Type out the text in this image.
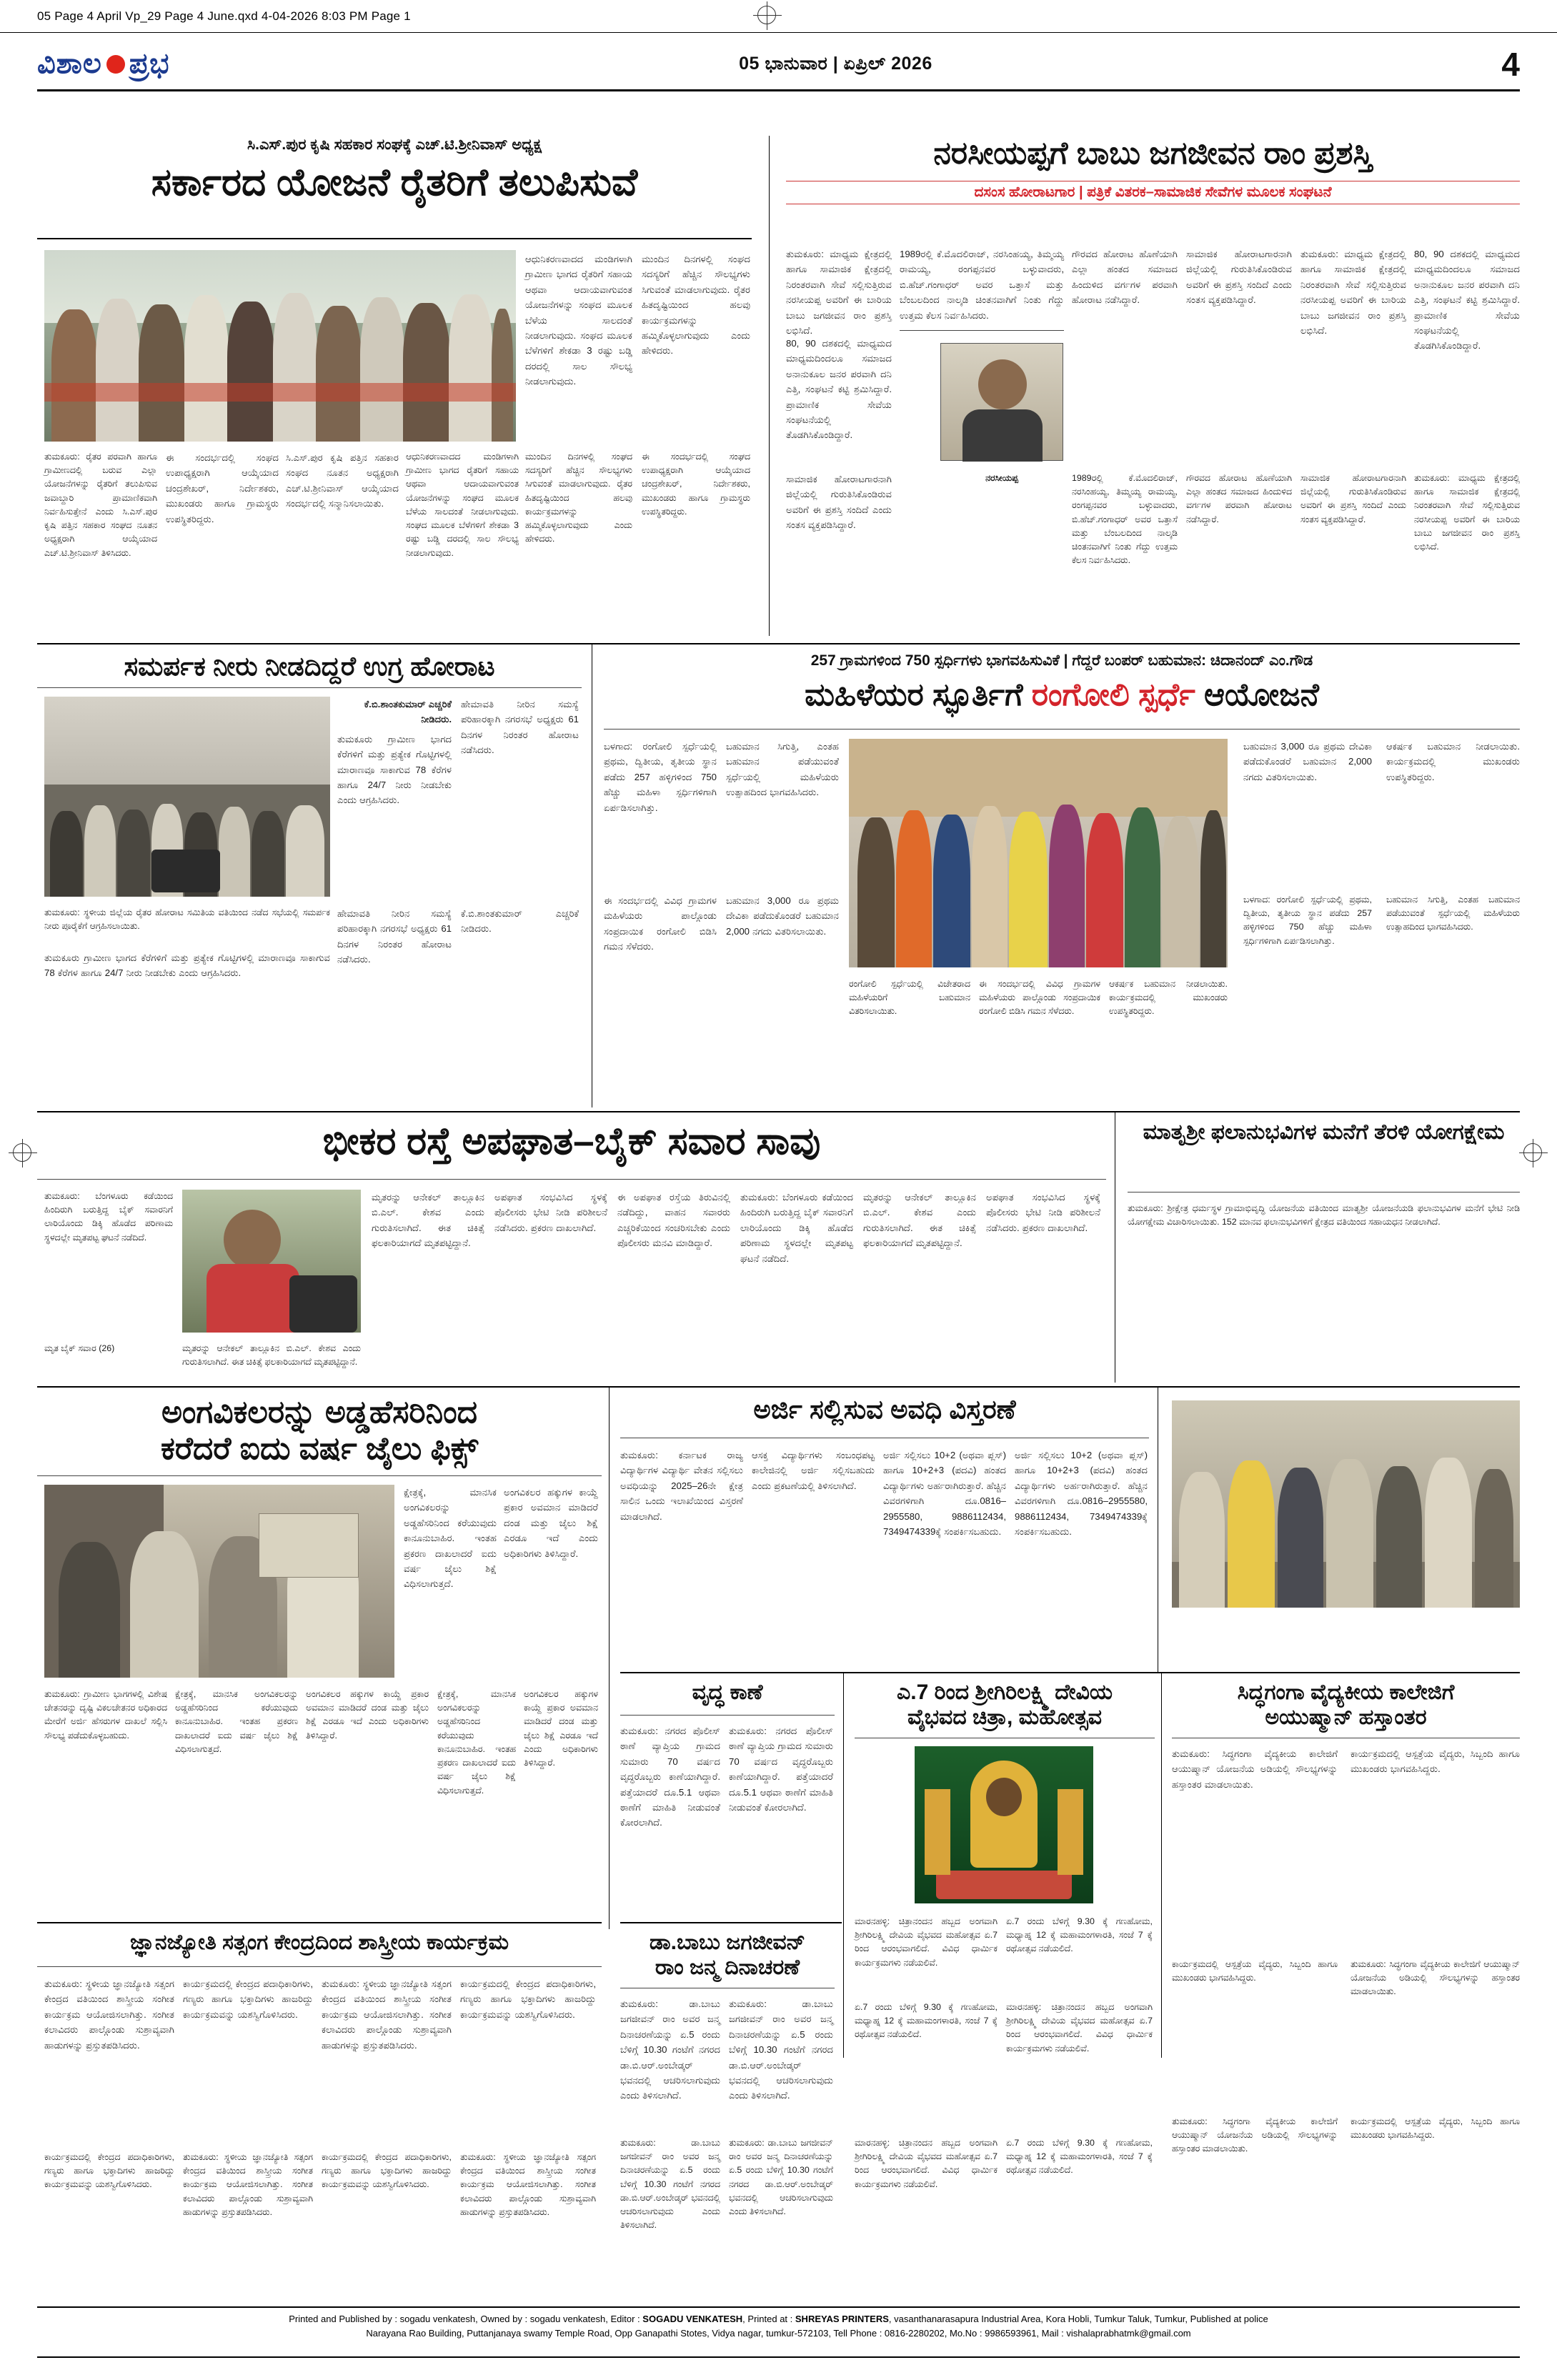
05 Page 4 April Vp_29 Page 4 June.qxd 4-04-2026 8:03 PM Page 1
ವಿಶಾಲ ಪ್ರಭ	05 ಭಾನುವಾರ | ಏಪ್ರಿಲ್ 2026	4
ಸಿ.ಎಸ್.ಪುರ ಕೃಷಿ ಸಹಕಾರ ಸಂಘಕ್ಕೆ ಎಚ್.ಟಿ.ಶ್ರೀನಿವಾಸ್ ಅಧ್ಯಕ್ಷ
ಸರ್ಕಾರದ ಯೋಜನೆ ರೈತರಿಗೆ ತಲುಪಿಸುವೆ
ತುಮಕೂರು: ರೈತರ ಪರವಾಗಿ ಹಾಗೂ ಗ್ರಾಮೀಣದಲ್ಲಿ ಬರುವ ಎಲ್ಲಾ ಯೋಜನೆಗಳನ್ನು ರೈತರಿಗೆ ತಲುಪಿಸುವ ಜವಾಬ್ದಾರಿ ಪ್ರಾಮಾಣಿಕವಾಗಿ ನಿರ್ವಹಿಸುತ್ತೇನೆ ಎಂದು ಸಿ.ಎಸ್.ಪುರ ಕೃಷಿ ಪತ್ತಿನ ಸಹಕಾರ ಸಂಘದ ನೂತನ ಅಧ್ಯಕ್ಷರಾಗಿ ಆಯ್ಕೆಯಾದ ಎಚ್.ಟಿ.ಶ್ರೀನಿವಾಸ್ ತಿಳಿಸಿದರು.
ಆಧುನಿಕರಣವಾದದ ಮಂಡಿಗಳಾಗಿ ಗ್ರಾಮೀಣ ಭಾಗದ ರೈತರಿಗೆ ಸಹಾಯ ಆಥವಾ ಆದಾಯವಾಗುವಂತ ಯೋಜನೆಗಳನ್ನು ಸಂಘದ ಮೂಲಕ ಬೆಳೆಯ ಸಾಲದಂತೆ ನೀಡಲಾಗುವುದು. ಸಂಘದ ಮೂಲಕ ಬೆಳೆಗಳಿಗೆ ಶೇಕಡಾ 3 ರಷ್ಟು ಬಡ್ಡಿ ದರದಲ್ಲಿ ಸಾಲ ಸೌಲಭ್ಯ ನೀಡಲಾಗುವುದು.
ಮುಂದಿನ ದಿನಗಳಲ್ಲಿ ಸಂಘದ ಸದಸ್ಯರಿಗೆ ಹೆಚ್ಚಿನ ಸೌಲಭ್ಯಗಳು ಸಿಗುವಂತೆ ಮಾಡಲಾಗುವುದು. ರೈತರ ಹಿತದೃಷ್ಟಿಯಿಂದ ಹಲವು ಕಾರ್ಯಕ್ರಮಗಳನ್ನು ಹಮ್ಮಿಕೊಳ್ಳಲಾಗುವುದು ಎಂದು ಹೇಳಿದರು.
ಈ ಸಂದರ್ಭದಲ್ಲಿ ಸಂಘದ ಉಪಾಧ್ಯಕ್ಷರಾಗಿ ಆಯ್ಕೆಯಾದ ಚಂದ್ರಶೇಖರ್, ನಿರ್ದೇಶಕರು, ಮುಖಂಡರು ಹಾಗೂ ಗ್ರಾಮಸ್ಥರು ಉಪಸ್ಥಿತರಿದ್ದರು.
ಸಿ.ಎಸ್.ಪುರ ಕೃಷಿ ಪತ್ತಿನ ಸಹಕಾರ ಸಂಘದ ನೂತನ ಅಧ್ಯಕ್ಷರಾಗಿ ಎಚ್.ಟಿ.ಶ್ರೀನಿವಾಸ್ ಆಯ್ಕೆಯಾದ ಸಂದರ್ಭದಲ್ಲಿ ಸನ್ಮಾನಿಸಲಾಯಿತು.
ಆಧುನಿಕರಣವಾದದ ಮಂಡಿಗಳಾಗಿ ಗ್ರಾಮೀಣ ಭಾಗದ ರೈತರಿಗೆ ಸಹಾಯ ಆಥವಾ ಆದಾಯವಾಗುವಂತ ಯೋಜನೆಗಳನ್ನು ಸಂಘದ ಮೂಲಕ ಬೆಳೆಯ ಸಾಲದಂತೆ ನೀಡಲಾಗುವುದು. ಸಂಘದ ಮೂಲಕ ಬೆಳೆಗಳಿಗೆ ಶೇಕಡಾ 3 ರಷ್ಟು ಬಡ್ಡಿ ದರದಲ್ಲಿ ಸಾಲ ಸೌಲಭ್ಯ ನೀಡಲಾಗುವುದು.
ಮುಂದಿನ ದಿನಗಳಲ್ಲಿ ಸಂಘದ ಸದಸ್ಯರಿಗೆ ಹೆಚ್ಚಿನ ಸೌಲಭ್ಯಗಳು ಸಿಗುವಂತೆ ಮಾಡಲಾಗುವುದು. ರೈತರ ಹಿತದೃಷ್ಟಿಯಿಂದ ಹಲವು ಕಾರ್ಯಕ್ರಮಗಳನ್ನು ಹಮ್ಮಿಕೊಳ್ಳಲಾಗುವುದು ಎಂದು ಹೇಳಿದರು.
ಈ ಸಂದರ್ಭದಲ್ಲಿ ಸಂಘದ ಉಪಾಧ್ಯಕ್ಷರಾಗಿ ಆಯ್ಕೆಯಾದ ಚಂದ್ರಶೇಖರ್, ನಿರ್ದೇಶಕರು, ಮುಖಂಡರು ಹಾಗೂ ಗ್ರಾಮಸ್ಥರು ಉಪಸ್ಥಿತರಿದ್ದರು.
ನರಸೀಯಪ್ಪಗೆ ಬಾಬು ಜಗಜೀವನ ರಾಂ ಪ್ರಶಸ್ತಿ
ದಸಂಸ ಹೋರಾಟಗಾರ | ಪತ್ರಿಕೆ ವಿತರಕ–ಸಾಮಾಜಿಕ ಸೇವೆಗಳ ಮೂಲಕ ಸಂಘಟನೆ
ತುಮಕೂರು: ಮಾಧ್ಯಮ ಕ್ಷೇತ್ರದಲ್ಲಿ ಹಾಗೂ ಸಾಮಾಜಿಕ ಕ್ಷೇತ್ರದಲ್ಲಿ ನಿರಂತರವಾಗಿ ಸೇವೆ ಸಲ್ಲಿಸುತ್ತಿರುವ ನರಸೀಯಪ್ಪ ಅವರಿಗೆ ಈ ಬಾರಿಯ ಬಾಬು ಜಗಜೀವನ ರಾಂ ಪ್ರಶಸ್ತಿ ಲಭಿಸಿದೆ.
80, 90 ದಶಕದಲ್ಲಿ ಮಾಧ್ಯಮದ ಮಾಧ್ಯಮದಿಂದಲೂ ಸಮಾಜದ ಅನಾನುಕೂಲ ಜನರ ಪರವಾಗಿ ದನಿ ಎತ್ತಿ, ಸಂಘಟನೆ ಕಟ್ಟಿ ಶ್ರಮಿಸಿದ್ದಾರೆ. ಪ್ರಾಮಾಣಿಕ ಸೇವೆಯ ಸಂಘಟನೆಯಲ್ಲಿ ತೊಡಗಿಸಿಕೊಂಡಿದ್ದಾರೆ.
1989ರಲ್ಲಿ ಕೆ.ಮೊದಲಿರಾಜ್, ನರಸಿಂಹಯ್ಯ, ತಿಮ್ಮಯ್ಯ ರಾಮಯ್ಯ, ರಂಗಪ್ಪನವರ ಬಳ್ಳುವಾದರು, ಬಿ.ಹೆಚ್.ಗಂಗಾಧರ್ ಅವರ ಒತ್ತಾಸೆ ಮತ್ತು ಬೆಂಬಲದಿಂದ ನಾಲ್ಕಡಿ ಚಿಂತನವಾಗಿಗೆ ನಿಂತು ಗೆದ್ದು ಉತ್ತಮ ಕೆಲಸ ನಿರ್ವಹಿಸಿದರು.
ಗೌರವದ ಹೋರಾಟ ಹೊಣೆಯಾಗಿ ಎಲ್ಲಾ ಹಂತದ ಸಮಾಜದ ಹಿಂದುಳಿದ ವರ್ಗಗಳ ಪರವಾಗಿ ಹೋರಾಟ ನಡೆಸಿದ್ದಾರೆ.
ಸಾಮಾಜಿಕ ಹೋರಾಟಗಾರನಾಗಿ ಜಿಲ್ಲೆಯಲ್ಲಿ ಗುರುತಿಸಿಕೊಂಡಿರುವ ಅವರಿಗೆ ಈ ಪ್ರಶಸ್ತಿ ಸಂದಿದೆ ಎಂದು ಸಂತಸ ವ್ಯಕ್ತಪಡಿಸಿದ್ದಾರೆ.
ತುಮಕೂರು: ಮಾಧ್ಯಮ ಕ್ಷೇತ್ರದಲ್ಲಿ ಹಾಗೂ ಸಾಮಾಜಿಕ ಕ್ಷೇತ್ರದಲ್ಲಿ ನಿರಂತರವಾಗಿ ಸೇವೆ ಸಲ್ಲಿಸುತ್ತಿರುವ ನರಸೀಯಪ್ಪ ಅವರಿಗೆ ಈ ಬಾರಿಯ ಬಾಬು ಜಗಜೀವನ ರಾಂ ಪ್ರಶಸ್ತಿ ಲಭಿಸಿದೆ.
80, 90 ದಶಕದಲ್ಲಿ ಮಾಧ್ಯಮದ ಮಾಧ್ಯಮದಿಂದಲೂ ಸಮಾಜದ ಅನಾನುಕೂಲ ಜನರ ಪರವಾಗಿ ದನಿ ಎತ್ತಿ, ಸಂಘಟನೆ ಕಟ್ಟಿ ಶ್ರಮಿಸಿದ್ದಾರೆ. ಪ್ರಾಮಾಣಿಕ ಸೇವೆಯ ಸಂಘಟನೆಯಲ್ಲಿ ತೊಡಗಿಸಿಕೊಂಡಿದ್ದಾರೆ.
ನರಸೀಯಪ್ಪ
ಸಾಮಾಜಿಕ ಹೋರಾಟಗಾರನಾಗಿ ಜಿಲ್ಲೆಯಲ್ಲಿ ಗುರುತಿಸಿಕೊಂಡಿರುವ ಅವರಿಗೆ ಈ ಪ್ರಶಸ್ತಿ ಸಂದಿದೆ ಎಂದು ಸಂತಸ ವ್ಯಕ್ತಪಡಿಸಿದ್ದಾರೆ.
1989ರಲ್ಲಿ ಕೆ.ಮೊದಲಿರಾಜ್, ನರಸಿಂಹಯ್ಯ, ತಿಮ್ಮಯ್ಯ ರಾಮಯ್ಯ, ರಂಗಪ್ಪನವರ ಬಳ್ಳುವಾದರು, ಬಿ.ಹೆಚ್.ಗಂಗಾಧರ್ ಅವರ ಒತ್ತಾಸೆ ಮತ್ತು ಬೆಂಬಲದಿಂದ ನಾಲ್ಕಡಿ ಚಿಂತನವಾಗಿಗೆ ನಿಂತು ಗೆದ್ದು ಉತ್ತಮ ಕೆಲಸ ನಿರ್ವಹಿಸಿದರು.
ಗೌರವದ ಹೋರಾಟ ಹೊಣೆಯಾಗಿ ಎಲ್ಲಾ ಹಂತದ ಸಮಾಜದ ಹಿಂದುಳಿದ ವರ್ಗಗಳ ಪರವಾಗಿ ಹೋರಾಟ ನಡೆಸಿದ್ದಾರೆ.
ಸಾಮಾಜಿಕ ಹೋರಾಟಗಾರನಾಗಿ ಜಿಲ್ಲೆಯಲ್ಲಿ ಗುರುತಿಸಿಕೊಂಡಿರುವ ಅವರಿಗೆ ಈ ಪ್ರಶಸ್ತಿ ಸಂದಿದೆ ಎಂದು ಸಂತಸ ವ್ಯಕ್ತಪಡಿಸಿದ್ದಾರೆ.
ತುಮಕೂರು: ಮಾಧ್ಯಮ ಕ್ಷೇತ್ರದಲ್ಲಿ ಹಾಗೂ ಸಾಮಾಜಿಕ ಕ್ಷೇತ್ರದಲ್ಲಿ ನಿರಂತರವಾಗಿ ಸೇವೆ ಸಲ್ಲಿಸುತ್ತಿರುವ ನರಸೀಯಪ್ಪ ಅವರಿಗೆ ಈ ಬಾರಿಯ ಬಾಬು ಜಗಜೀವನ ರಾಂ ಪ್ರಶಸ್ತಿ ಲಭಿಸಿದೆ.
ಸಮರ್ಪಕ ನೀರು ನೀಡದಿದ್ದರೆ ಉಗ್ರ ಹೋರಾಟ
ಕೆ.ಬಿ.ಶಾಂತಕುಮಾರ್ ಎಚ್ಚರಿಕೆ ನೀಡಿದರು.
ತುಮಕೂರು ಗ್ರಾಮೀಣ ಭಾಗದ ಕೆರೆಗಳಿಗೆ ಮತ್ತು ಪ್ರತ್ಯೇಕ ಗೊಟ್ಟಿಗಳಲ್ಲಿ ಮಾರಾಣವೂ ಸಾಕಾಗುವ 78 ಕೆರೆಗಳ ಹಾಗೂ 24/7 ನೀರು ನೀಡಬೇಕು ಎಂದು ಆಗ್ರಹಿಸಿದರು.
ಹೇಮಾವತಿ ನೀರಿನ ಸಮಸ್ಯೆ ಪರಿಹಾರಕ್ಕಾಗಿ ನಗರಸಭೆ ಅಧ್ಯಕ್ಷರು 61 ದಿನಗಳ ನಿರಂತರ ಹೋರಾಟ ನಡೆಸಿದರು.
ತುಮಕೂರು: ಸ್ಥಳೀಯ ಜಿಲ್ಲೆಯ ರೈತರ ಹೋರಾಟ ಸಮಿತಿಯ ವತಿಯಿಂದ ನಡೆದ ಸಭೆಯಲ್ಲಿ ಸಮರ್ಪಕ ನೀರು ಪೂರೈಕೆಗೆ ಆಗ್ರಹಿಸಲಾಯಿತು.
ತುಮಕೂರು ಗ್ರಾಮೀಣ ಭಾಗದ ಕೆರೆಗಳಿಗೆ ಮತ್ತು ಪ್ರತ್ಯೇಕ ಗೊಟ್ಟಿಗಳಲ್ಲಿ ಮಾರಾಣವೂ ಸಾಕಾಗುವ 78 ಕೆರೆಗಳ ಹಾಗೂ 24/7 ನೀರು ನೀಡಬೇಕು ಎಂದು ಆಗ್ರಹಿಸಿದರು.
ಹೇಮಾವತಿ ನೀರಿನ ಸಮಸ್ಯೆ ಪರಿಹಾರಕ್ಕಾಗಿ ನಗರಸಭೆ ಅಧ್ಯಕ್ಷರು 61 ದಿನಗಳ ನಿರಂತರ ಹೋರಾಟ ನಡೆಸಿದರು.
ಕೆ.ಬಿ.ಶಾಂತಕುಮಾರ್ ಎಚ್ಚರಿಕೆ ನೀಡಿದರು.
257 ಗ್ರಾಮಗಳಿಂದ 750 ಸ್ಪರ್ಧಿಗಳು ಭಾಗವಹಿಸುವಿಕೆ | ಗೆದ್ದರೆ ಬಂಪರ್ ಬಹುಮಾನ: ಚಿದಾನಂದ್ ಎಂ.ಗೌಡ
ಮಹಿಳೆಯರ ಸ್ಫೂರ್ತಿಗೆ ರಂಗೋಲಿ ಸ್ಪರ್ಧೆ ಆಯೋಜನೆ
ಬಳಗಾದ: ರಂಗೋಲಿ ಸ್ಪರ್ಧೆಯಲ್ಲಿ ಪ್ರಥಮ, ದ್ವಿತೀಯ, ತೃತೀಯ ಸ್ಥಾನ ಪಡೆದು 257 ಹಳ್ಳಿಗಳಿಂದ 750 ಹೆಚ್ಚು ಮಹಿಳಾ ಸ್ಪರ್ಧಿಗಳಿಗಾಗಿ ಏರ್ಪಡಿಸಲಾಗಿತ್ತು.
ಬಹುಮಾನ ಸಿಗುತ್ತಿ, ಎಂತಹ ಬಹುಮಾನ ಪಡೆಯುವಂತೆ ಸ್ಪರ್ಧೆಯಲ್ಲಿ ಮಹಿಳೆಯರು ಉತ್ಸಾಹದಿಂದ ಭಾಗವಹಿಸಿದರು.
ರಂಗೋಲಿ ಸ್ಪರ್ಧೆಯಲ್ಲಿ ವಿಜೇತರಾದ ಮಹಿಳೆಯರಿಗೆ ಬಹುಮಾನ ವಿತರಿಸಲಾಯಿತು.
ಈ ಸಂದರ್ಭದಲ್ಲಿ ವಿವಿಧ ಗ್ರಾಮಗಳ ಮಹಿಳೆಯರು ಪಾಲ್ಗೊಂಡು ಸಂಪ್ರದಾಯಿಕ ರಂಗೋಲಿ ಬಿಡಿಸಿ ಗಮನ ಸೆಳೆದರು.
ಆಕರ್ಷಕ ಬಹುಮಾನ ನೀಡಲಾಯಿತು. ಕಾರ್ಯಕ್ರಮದಲ್ಲಿ ಮುಖಂಡರು ಉಪಸ್ಥಿತರಿದ್ದರು.
ಈ ಸಂದರ್ಭದಲ್ಲಿ ವಿವಿಧ ಗ್ರಾಮಗಳ ಮಹಿಳೆಯರು ಪಾಲ್ಗೊಂಡು ಸಂಪ್ರದಾಯಿಕ ರಂಗೋಲಿ ಬಿಡಿಸಿ ಗಮನ ಸೆಳೆದರು.
ಬಹುಮಾನ 3,000 ರೂ ಪ್ರಥಮ ದೇವಿಕಾ ಪಡೆದುಕೊಂಡರೆ ಬಹುಮಾನ 2,000 ನಗದು ವಿತರಿಸಲಾಯಿತು.
ಬಹುಮಾನ 3,000 ರೂ ಪ್ರಥಮ ದೇವಿಕಾ ಪಡೆದುಕೊಂಡರೆ ಬಹುಮಾನ 2,000 ನಗದು ವಿತರಿಸಲಾಯಿತು.
ಆಕರ್ಷಕ ಬಹುಮಾನ ನೀಡಲಾಯಿತು. ಕಾರ್ಯಕ್ರಮದಲ್ಲಿ ಮುಖಂಡರು ಉಪಸ್ಥಿತರಿದ್ದರು.
ಬಳಗಾದ: ರಂಗೋಲಿ ಸ್ಪರ್ಧೆಯಲ್ಲಿ ಪ್ರಥಮ, ದ್ವಿತೀಯ, ತೃತೀಯ ಸ್ಥಾನ ಪಡೆದು 257 ಹಳ್ಳಿಗಳಿಂದ 750 ಹೆಚ್ಚು ಮಹಿಳಾ ಸ್ಪರ್ಧಿಗಳಿಗಾಗಿ ಏರ್ಪಡಿಸಲಾಗಿತ್ತು.
ಬಹುಮಾನ ಸಿಗುತ್ತಿ, ಎಂತಹ ಬಹುಮಾನ ಪಡೆಯುವಂತೆ ಸ್ಪರ್ಧೆಯಲ್ಲಿ ಮಹಿಳೆಯರು ಉತ್ಸಾಹದಿಂದ ಭಾಗವಹಿಸಿದರು.
ಭೀಕರ ರಸ್ತೆ ಅಪಘಾತ–ಬೈಕ್ ಸವಾರ ಸಾವು
ತುಮಕೂರು: ಬೆಂಗಳೂರು ಕಡೆಯಿಂದ ಹಿಂದಿರುಗಿ ಬರುತ್ತಿದ್ದ ಬೈಕ್ ಸವಾರನಿಗೆ ಲಾರಿಯೊಂದು ಡಿಕ್ಕಿ ಹೊಡೆದ ಪರಿಣಾಮ ಸ್ಥಳದಲ್ಲೇ ಮೃತಪಟ್ಟ ಘಟನೆ ನಡೆದಿದೆ.
ಮೃತ ಬೈಕ್ ಸವಾರ (26)	ಮೃತರನ್ನು ಆನೇಕಲ್ ತಾಲ್ಲೂಕಿನ ಬಿ.ಎಲ್. ಕೇಶವ ಎಂದು ಗುರುತಿಸಲಾಗಿದೆ. ಈತ ಚಿಕಿತ್ಸೆ ಫಲಕಾರಿಯಾಗದೆ ಮೃತಪಟ್ಟಿದ್ದಾನೆ.
ಮೃತರನ್ನು ಆನೇಕಲ್ ತಾಲ್ಲೂಕಿನ ಬಿ.ಎಲ್. ಕೇಶವ ಎಂದು ಗುರುತಿಸಲಾಗಿದೆ. ಈತ ಚಿಕಿತ್ಸೆ ಫಲಕಾರಿಯಾಗದೆ ಮೃತಪಟ್ಟಿದ್ದಾನೆ.
ಅಪಘಾತ ಸಂಭವಿಸಿದ ಸ್ಥಳಕ್ಕೆ ಪೊಲೀಸರು ಭೇಟಿ ನೀಡಿ ಪರಿಶೀಲನೆ ನಡೆಸಿದರು. ಪ್ರಕರಣ ದಾಖಲಾಗಿದೆ.
ಈ ಅಪಘಾತ ರಸ್ತೆಯ ತಿರುವಿನಲ್ಲಿ ನಡೆದಿದ್ದು, ವಾಹನ ಸವಾರರು ಎಚ್ಚರಿಕೆಯಿಂದ ಸಂಚರಿಸಬೇಕು ಎಂದು ಪೊಲೀಸರು ಮನವಿ ಮಾಡಿದ್ದಾರೆ.
ತುಮಕೂರು: ಬೆಂಗಳೂರು ಕಡೆಯಿಂದ ಹಿಂದಿರುಗಿ ಬರುತ್ತಿದ್ದ ಬೈಕ್ ಸವಾರನಿಗೆ ಲಾರಿಯೊಂದು ಡಿಕ್ಕಿ ಹೊಡೆದ ಪರಿಣಾಮ ಸ್ಥಳದಲ್ಲೇ ಮೃತಪಟ್ಟ ಘಟನೆ ನಡೆದಿದೆ.
ಮೃತರನ್ನು ಆನೇಕಲ್ ತಾಲ್ಲೂಕಿನ ಬಿ.ಎಲ್. ಕೇಶವ ಎಂದು ಗುರುತಿಸಲಾಗಿದೆ. ಈತ ಚಿಕಿತ್ಸೆ ಫಲಕಾರಿಯಾಗದೆ ಮೃತಪಟ್ಟಿದ್ದಾನೆ.
ಅಪಘಾತ ಸಂಭವಿಸಿದ ಸ್ಥಳಕ್ಕೆ ಪೊಲೀಸರು ಭೇಟಿ ನೀಡಿ ಪರಿಶೀಲನೆ ನಡೆಸಿದರು. ಪ್ರಕರಣ ದಾಖಲಾಗಿದೆ.
ಮಾತೃಶ್ರೀ ಫಲಾನುಭವಿಗಳ ಮನೆಗೆ ತೆರಳಿ ಯೋಗಕ್ಷೇಮ
ತುಮಕೂರು: ಶ್ರೀಕ್ಷೇತ್ರ ಧರ್ಮಸ್ಥಳ ಗ್ರಾಮಾಭಿವೃದ್ಧಿ ಯೋಜನೆಯ ವತಿಯಿಂದ ಮಾತೃಶ್ರೀ ಯೋಜನೆಯಡಿ ಫಲಾನುಭವಿಗಳ ಮನೆಗೆ ಭೇಟಿ ನೀಡಿ ಯೋಗಕ್ಷೇಮ ವಿಚಾರಿಸಲಾಯಿತು. 152 ಮಾನವ ಫಲಾನುಭವಿಗಳಿಗೆ ಕ್ಷೇತ್ರದ ವತಿಯಿಂದ ಸಹಾಯಧನ ನೀಡಲಾಗಿದೆ.
ಅಂಗವಿಕಲರನ್ನು ಅಡ್ಡಹೆಸರಿನಿಂದ
ಕರೆದರೆ ಐದು ವರ್ಷ ಜೈಲು ಫಿಕ್ಸ್
ಕ್ಷೇತ್ರಕ್ಕೆ, ಮಾನಸಿಕ ಅಂಗವಿಕಲರನ್ನು ಅಡ್ಡಹೆಸರಿನಿಂದ ಕರೆಯುವುದು ಕಾನೂನುಬಾಹಿರ. ಇಂತಹ ಪ್ರಕರಣ ದಾಖಲಾದರೆ ಐದು ವರ್ಷ ಜೈಲು ಶಿಕ್ಷೆ ವಿಧಿಸಲಾಗುತ್ತದೆ.
ಅಂಗವಿಕಲರ ಹಕ್ಕುಗಳ ಕಾಯ್ದೆ ಪ್ರಕಾರ ಅವಮಾನ ಮಾಡಿದರೆ ದಂಡ ಮತ್ತು ಜೈಲು ಶಿಕ್ಷೆ ಎರಡೂ ಇದೆ ಎಂದು ಅಧಿಕಾರಿಗಳು ತಿಳಿಸಿದ್ದಾರೆ.
ತುಮಕೂರು: ಗ್ರಾಮೀಣ ಭಾಗಗಳಲ್ಲಿ ವಿಶೇಷ ಚೇತನರನ್ನು ದೃಷ್ಟಿ ವಿಕಲಚೇತನರ ಅಧಿಕಾರದ ಮೇರೆಗೆ ಅರ್ಜಿ ಹೆಸರುಗಳ ದಾಖಲೆ ಸಲ್ಲಿಸಿ ಸೌಲಭ್ಯ ಪಡೆದುಕೊಳ್ಳಬಹುದು.
ಕ್ಷೇತ್ರಕ್ಕೆ, ಮಾನಸಿಕ ಅಂಗವಿಕಲರನ್ನು ಅಡ್ಡಹೆಸರಿನಿಂದ ಕರೆಯುವುದು ಕಾನೂನುಬಾಹಿರ. ಇಂತಹ ಪ್ರಕರಣ ದಾಖಲಾದರೆ ಐದು ವರ್ಷ ಜೈಲು ಶಿಕ್ಷೆ ವಿಧಿಸಲಾಗುತ್ತದೆ.
ಅಂಗವಿಕಲರ ಹಕ್ಕುಗಳ ಕಾಯ್ದೆ ಪ್ರಕಾರ ಅವಮಾನ ಮಾಡಿದರೆ ದಂಡ ಮತ್ತು ಜೈಲು ಶಿಕ್ಷೆ ಎರಡೂ ಇದೆ ಎಂದು ಅಧಿಕಾರಿಗಳು ತಿಳಿಸಿದ್ದಾರೆ.
ಕ್ಷೇತ್ರಕ್ಕೆ, ಮಾನಸಿಕ ಅಂಗವಿಕಲರನ್ನು ಅಡ್ಡಹೆಸರಿನಿಂದ ಕರೆಯುವುದು ಕಾನೂನುಬಾಹಿರ. ಇಂತಹ ಪ್ರಕರಣ ದಾಖಲಾದರೆ ಐದು ವರ್ಷ ಜೈಲು ಶಿಕ್ಷೆ ವಿಧಿಸಲಾಗುತ್ತದೆ.
ಅಂಗವಿಕಲರ ಹಕ್ಕುಗಳ ಕಾಯ್ದೆ ಪ್ರಕಾರ ಅವಮಾನ ಮಾಡಿದರೆ ದಂಡ ಮತ್ತು ಜೈಲು ಶಿಕ್ಷೆ ಎರಡೂ ಇದೆ ಎಂದು ಅಧಿಕಾರಿಗಳು ತಿಳಿಸಿದ್ದಾರೆ.
ಅರ್ಜಿ ಸಲ್ಲಿಸುವ ಅವಧಿ ವಿಸ್ತರಣೆ
ತುಮಕೂರು: ಕರ್ನಾಟಕ ರಾಜ್ಯ ವಿದ್ಯಾರ್ಥಿಗಳ ವಿದ್ಯಾರ್ಥಿ ವೇತನ ಸಲ್ಲಿಸಲು ಅವಧಿಯನ್ನು 2025–26ನೇ ಕ್ಷೇತ್ರ ಸಾಲಿನ ಒಂದು ಇಲಾಖೆಯಿಂದ ವಿಸ್ತರಣೆ ಮಾಡಲಾಗಿದೆ.
ಆಸಕ್ತ ವಿದ್ಯಾರ್ಥಿಗಳು ಸಂಬಂಧಪಟ್ಟ ಕಾಲೇಜಿನಲ್ಲಿ ಅರ್ಜಿ ಸಲ್ಲಿಸಬಹುದು ಎಂದು ಪ್ರಕಟಣೆಯಲ್ಲಿ ತಿಳಿಸಲಾಗಿದೆ.
ಅರ್ಜಿ ಸಲ್ಲಿಸಲು 10+2 (ಅಥವಾ ಪ್ಲಸ್) ಹಾಗೂ 10+2+3 (ಪದವಿ) ಹಂತದ ವಿದ್ಯಾರ್ಥಿಗಳು ಅರ್ಹರಾಗಿರುತ್ತಾರೆ. ಹೆಚ್ಚಿನ ವಿವರಗಳಿಗಾಗಿ ದೂ.0816–2955580, 9886112434, 7349474339ಕ್ಕೆ ಸಂಪರ್ಕಿಸಬಹುದು.
ಅರ್ಜಿ ಸಲ್ಲಿಸಲು 10+2 (ಅಥವಾ ಪ್ಲಸ್) ಹಾಗೂ 10+2+3 (ಪದವಿ) ಹಂತದ ವಿದ್ಯಾರ್ಥಿಗಳು ಅರ್ಹರಾಗಿರುತ್ತಾರೆ. ಹೆಚ್ಚಿನ ವಿವರಗಳಿಗಾಗಿ ದೂ.0816–2955580, 9886112434, 7349474339ಕ್ಕೆ ಸಂಪರ್ಕಿಸಬಹುದು.
ವೃದ್ಧ ಕಾಣೆ
ತುಮಕೂರು: ನಗರದ ಪೊಲೀಸ್ ಠಾಣೆ ವ್ಯಾಪ್ತಿಯ ಗ್ರಾಮದ ಸುಮಾರು 70 ವರ್ಷದ ವೃದ್ಧರೊಬ್ಬರು ಕಾಣೆಯಾಗಿದ್ದಾರೆ. ಪತ್ತೆಯಾದರೆ ದೂ.5.1 ಆಥವಾ ಠಾಣೆಗೆ ಮಾಹಿತಿ ನೀಡುವಂತೆ ಕೋರಲಾಗಿದೆ.
ತುಮಕೂರು: ನಗರದ ಪೊಲೀಸ್ ಠಾಣೆ ವ್ಯಾಪ್ತಿಯ ಗ್ರಾಮದ ಸುಮಾರು 70 ವರ್ಷದ ವೃದ್ಧರೊಬ್ಬರು ಕಾಣೆಯಾಗಿದ್ದಾರೆ. ಪತ್ತೆಯಾದರೆ ದೂ.5.1 ಆಥವಾ ಠಾಣೆಗೆ ಮಾಹಿತಿ ನೀಡುವಂತೆ ಕೋರಲಾಗಿದೆ.
ಎ.7 ರಿಂದ ಶ್ರೀಗಿರಿಲಕ್ಷ್ಮಿ ದೇವಿಯ
ವೈಭವದ ಚಿತ್ರಾ, ಮಹೋತ್ಸವ
ಮಾರನಹಳ್ಳಿ: ಚಿತ್ರಾನಂದನ ಹಬ್ಬದ ಅಂಗವಾಗಿ ಶ್ರೀಗಿರಿಲಕ್ಷ್ಮಿ ದೇವಿಯ ವೈಭವದ ಮಹೋತ್ಸವ ಏ.7 ರಿಂದ ಆರಂಭವಾಗಲಿದೆ. ವಿವಿಧ ಧಾರ್ಮಿಕ ಕಾರ್ಯಕ್ರಮಗಳು ನಡೆಯಲಿವೆ.
ಏ.7 ರಂದು ಬೆಳಿಗ್ಗೆ 9.30 ಕ್ಕೆ ಗಣಹೋಮ, ಮಧ್ಯಾಹ್ನ 12 ಕ್ಕೆ ಮಹಾಮಂಗಳಾರತಿ, ಸಂಜೆ 7 ಕ್ಕೆ ರಥೋತ್ಸವ ನಡೆಯಲಿದೆ.
ಸಿದ್ಧಗಂಗಾ ವೈದ್ಯಕೀಯ ಕಾಲೇಜಿಗೆ
ಅಯುಷ್ಮಾನ್ ಹಸ್ತಾಂತರ
ತುಮಕೂರು: ಸಿದ್ಧಗಂಗಾ ವೈದ್ಯಕೀಯ ಕಾಲೇಜಿಗೆ ಆಯುಷ್ಮಾನ್ ಯೋಜನೆಯ ಅಡಿಯಲ್ಲಿ ಸೌಲಭ್ಯಗಳನ್ನು ಹಸ್ತಾಂತರ ಮಾಡಲಾಯಿತು.
ಕಾರ್ಯಕ್ರಮದಲ್ಲಿ ಆಸ್ಪತ್ರೆಯ ವೈದ್ಯರು, ಸಿಬ್ಬಂದಿ ಹಾಗೂ ಮುಖಂಡರು ಭಾಗವಹಿಸಿದ್ದರು.
ಕಾರ್ಯಕ್ರಮದಲ್ಲಿ ಆಸ್ಪತ್ರೆಯ ವೈದ್ಯರು, ಸಿಬ್ಬಂದಿ ಹಾಗೂ ಮುಖಂಡರು ಭಾಗವಹಿಸಿದ್ದರು.
ತುಮಕೂರು: ಸಿದ್ಧಗಂಗಾ ವೈದ್ಯಕೀಯ ಕಾಲೇಜಿಗೆ ಆಯುಷ್ಮಾನ್ ಯೋಜನೆಯ ಅಡಿಯಲ್ಲಿ ಸೌಲಭ್ಯಗಳನ್ನು ಹಸ್ತಾಂತರ ಮಾಡಲಾಯಿತು.
ಡಾ.ಬಾಬು ಜಗಜೀವನ್
ರಾಂ ಜನ್ಮ ದಿನಾಚರಣೆ
ತುಮಕೂರು: ಡಾ.ಬಾಬು ಜಗಜೀವನ್ ರಾಂ ಅವರ ಜನ್ಮ ದಿನಾಚರಣೆಯನ್ನು ಏ.5 ರಂದು ಬೆಳಿಗ್ಗೆ 10.30 ಗಂಟೆಗೆ ನಗರದ ಡಾ.ಬಿ.ಆರ್.ಅಂಬೇಡ್ಕರ್ ಭವನದಲ್ಲಿ ಆಚರಿಸಲಾಗುವುದು ಎಂದು ತಿಳಿಸಲಾಗಿದೆ.
ತುಮಕೂರು: ಡಾ.ಬಾಬು ಜಗಜೀವನ್ ರಾಂ ಅವರ ಜನ್ಮ ದಿನಾಚರಣೆಯನ್ನು ಏ.5 ರಂದು ಬೆಳಿಗ್ಗೆ 10.30 ಗಂಟೆಗೆ ನಗರದ ಡಾ.ಬಿ.ಆರ್.ಅಂಬೇಡ್ಕರ್ ಭವನದಲ್ಲಿ ಆಚರಿಸಲಾಗುವುದು ಎಂದು ತಿಳಿಸಲಾಗಿದೆ.
ಜ್ಞಾನಜ್ಯೋತಿ ಸತ್ಸಂಗ ಕೇಂದ್ರದಿಂದ ಶಾಸ್ತ್ರೀಯ ಕಾರ್ಯಕ್ರಮ
ತುಮಕೂರು: ಸ್ಥಳೀಯ ಜ್ಞಾನಜ್ಯೋತಿ ಸತ್ಸಂಗ ಕೇಂದ್ರದ ವತಿಯಿಂದ ಶಾಸ್ತ್ರೀಯ ಸಂಗೀತ ಕಾರ್ಯಕ್ರಮ ಆಯೋಜಿಸಲಾಗಿತ್ತು. ಸಂಗೀತ ಕಲಾವಿದರು ಪಾಲ್ಗೊಂಡು ಸುಶ್ರಾವ್ಯವಾಗಿ ಹಾಡುಗಳನ್ನು ಪ್ರಸ್ತುತಪಡಿಸಿದರು.
ಕಾರ್ಯಕ್ರಮದಲ್ಲಿ ಕೇಂದ್ರದ ಪದಾಧಿಕಾರಿಗಳು, ಗಣ್ಯರು ಹಾಗೂ ಭಕ್ತಾದಿಗಳು ಹಾಜರಿದ್ದು ಕಾರ್ಯಕ್ರಮವನ್ನು ಯಶಸ್ವಿಗೊಳಿಸಿದರು.
ತುಮಕೂರು: ಸ್ಥಳೀಯ ಜ್ಞಾನಜ್ಯೋತಿ ಸತ್ಸಂಗ ಕೇಂದ್ರದ ವತಿಯಿಂದ ಶಾಸ್ತ್ರೀಯ ಸಂಗೀತ ಕಾರ್ಯಕ್ರಮ ಆಯೋಜಿಸಲಾಗಿತ್ತು. ಸಂಗೀತ ಕಲಾವಿದರು ಪಾಲ್ಗೊಂಡು ಸುಶ್ರಾವ್ಯವಾಗಿ ಹಾಡುಗಳನ್ನು ಪ್ರಸ್ತುತಪಡಿಸಿದರು.
ಕಾರ್ಯಕ್ರಮದಲ್ಲಿ ಕೇಂದ್ರದ ಪದಾಧಿಕಾರಿಗಳು, ಗಣ್ಯರು ಹಾಗೂ ಭಕ್ತಾದಿಗಳು ಹಾಜರಿದ್ದು ಕಾರ್ಯಕ್ರಮವನ್ನು ಯಶಸ್ವಿಗೊಳಿಸಿದರು.
ಏ.7 ರಂದು ಬೆಳಿಗ್ಗೆ 9.30 ಕ್ಕೆ ಗಣಹೋಮ, ಮಧ್ಯಾಹ್ನ 12 ಕ್ಕೆ ಮಹಾಮಂಗಳಾರತಿ, ಸಂಜೆ 7 ಕ್ಕೆ ರಥೋತ್ಸವ ನಡೆಯಲಿದೆ.
ಮಾರನಹಳ್ಳಿ: ಚಿತ್ರಾನಂದನ ಹಬ್ಬದ ಅಂಗವಾಗಿ ಶ್ರೀಗಿರಿಲಕ್ಷ್ಮಿ ದೇವಿಯ ವೈಭವದ ಮಹೋತ್ಸವ ಏ.7 ರಿಂದ ಆರಂಭವಾಗಲಿದೆ. ವಿವಿಧ ಧಾರ್ಮಿಕ ಕಾರ್ಯಕ್ರಮಗಳು ನಡೆಯಲಿವೆ.
ತುಮಕೂರು: ಸಿದ್ಧಗಂಗಾ ವೈದ್ಯಕೀಯ ಕಾಲೇಜಿಗೆ ಆಯುಷ್ಮಾನ್ ಯೋಜನೆಯ ಅಡಿಯಲ್ಲಿ ಸೌಲಭ್ಯಗಳನ್ನು ಹಸ್ತಾಂತರ ಮಾಡಲಾಯಿತು.
ಕಾರ್ಯಕ್ರಮದಲ್ಲಿ ಆಸ್ಪತ್ರೆಯ ವೈದ್ಯರು, ಸಿಬ್ಬಂದಿ ಹಾಗೂ ಮುಖಂಡರು ಭಾಗವಹಿಸಿದ್ದರು.
ಮಾರನಹಳ್ಳಿ: ಚಿತ್ರಾನಂದನ ಹಬ್ಬದ ಅಂಗವಾಗಿ ಶ್ರೀಗಿರಿಲಕ್ಷ್ಮಿ ದೇವಿಯ ವೈಭವದ ಮಹೋತ್ಸವ ಏ.7 ರಿಂದ ಆರಂಭವಾಗಲಿದೆ. ವಿವಿಧ ಧಾರ್ಮಿಕ ಕಾರ್ಯಕ್ರಮಗಳು ನಡೆಯಲಿವೆ.
ಏ.7 ರಂದು ಬೆಳಿಗ್ಗೆ 9.30 ಕ್ಕೆ ಗಣಹೋಮ, ಮಧ್ಯಾಹ್ನ 12 ಕ್ಕೆ ಮಹಾಮಂಗಳಾರತಿ, ಸಂಜೆ 7 ಕ್ಕೆ ರಥೋತ್ಸವ ನಡೆಯಲಿದೆ.
ತುಮಕೂರು: ಡಾ.ಬಾಬು ಜಗಜೀವನ್ ರಾಂ ಅವರ ಜನ್ಮ ದಿನಾಚರಣೆಯನ್ನು ಏ.5 ರಂದು ಬೆಳಿಗ್ಗೆ 10.30 ಗಂಟೆಗೆ ನಗರದ ಡಾ.ಬಿ.ಆರ್.ಅಂಬೇಡ್ಕರ್ ಭವನದಲ್ಲಿ ಆಚರಿಸಲಾಗುವುದು ಎಂದು ತಿಳಿಸಲಾಗಿದೆ.
ತುಮಕೂರು: ಡಾ.ಬಾಬು ಜಗಜೀವನ್ ರಾಂ ಅವರ ಜನ್ಮ ದಿನಾಚರಣೆಯನ್ನು ಏ.5 ರಂದು ಬೆಳಿಗ್ಗೆ 10.30 ಗಂಟೆಗೆ ನಗರದ ಡಾ.ಬಿ.ಆರ್.ಅಂಬೇಡ್ಕರ್ ಭವನದಲ್ಲಿ ಆಚರಿಸಲಾಗುವುದು ಎಂದು ತಿಳಿಸಲಾಗಿದೆ.
ಕಾರ್ಯಕ್ರಮದಲ್ಲಿ ಕೇಂದ್ರದ ಪದಾಧಿಕಾರಿಗಳು, ಗಣ್ಯರು ಹಾಗೂ ಭಕ್ತಾದಿಗಳು ಹಾಜರಿದ್ದು ಕಾರ್ಯಕ್ರಮವನ್ನು ಯಶಸ್ವಿಗೊಳಿಸಿದರು.
ತುಮಕೂರು: ಸ್ಥಳೀಯ ಜ್ಞಾನಜ್ಯೋತಿ ಸತ್ಸಂಗ ಕೇಂದ್ರದ ವತಿಯಿಂದ ಶಾಸ್ತ್ರೀಯ ಸಂಗೀತ ಕಾರ್ಯಕ್ರಮ ಆಯೋಜಿಸಲಾಗಿತ್ತು. ಸಂಗೀತ ಕಲಾವಿದರು ಪಾಲ್ಗೊಂಡು ಸುಶ್ರಾವ್ಯವಾಗಿ ಹಾಡುಗಳನ್ನು ಪ್ರಸ್ತುತಪಡಿಸಿದರು.
ಕಾರ್ಯಕ್ರಮದಲ್ಲಿ ಕೇಂದ್ರದ ಪದಾಧಿಕಾರಿಗಳು, ಗಣ್ಯರು ಹಾಗೂ ಭಕ್ತಾದಿಗಳು ಹಾಜರಿದ್ದು ಕಾರ್ಯಕ್ರಮವನ್ನು ಯಶಸ್ವಿಗೊಳಿಸಿದರು.
ತುಮಕೂರು: ಸ್ಥಳೀಯ ಜ್ಞಾನಜ್ಯೋತಿ ಸತ್ಸಂಗ ಕೇಂದ್ರದ ವತಿಯಿಂದ ಶಾಸ್ತ್ರೀಯ ಸಂಗೀತ ಕಾರ್ಯಕ್ರಮ ಆಯೋಜಿಸಲಾಗಿತ್ತು. ಸಂಗೀತ ಕಲಾವಿದರು ಪಾಲ್ಗೊಂಡು ಸುಶ್ರಾವ್ಯವಾಗಿ ಹಾಡುಗಳನ್ನು ಪ್ರಸ್ತುತಪಡಿಸಿದರು.
Printed and Published by : sogadu venkatesh, Owned by : sogadu venkatesh, Editor : SOGADU VENKATESH, Printed at : SHREYAS PRINTERS, vasanthanarasapura Industrial Area, Kora Hobli, Tumkur Taluk, Tumkur, Published at police
Narayana Rao Building, Puttanjanaya swamy Temple Road, Opp Ganapathi Stotes, Vidya nagar, tumkur-572103, Tell Phone : 0816-2280202, Mo.No : 9986593961, Mail : vishalaprabhatmk@gmail.com
